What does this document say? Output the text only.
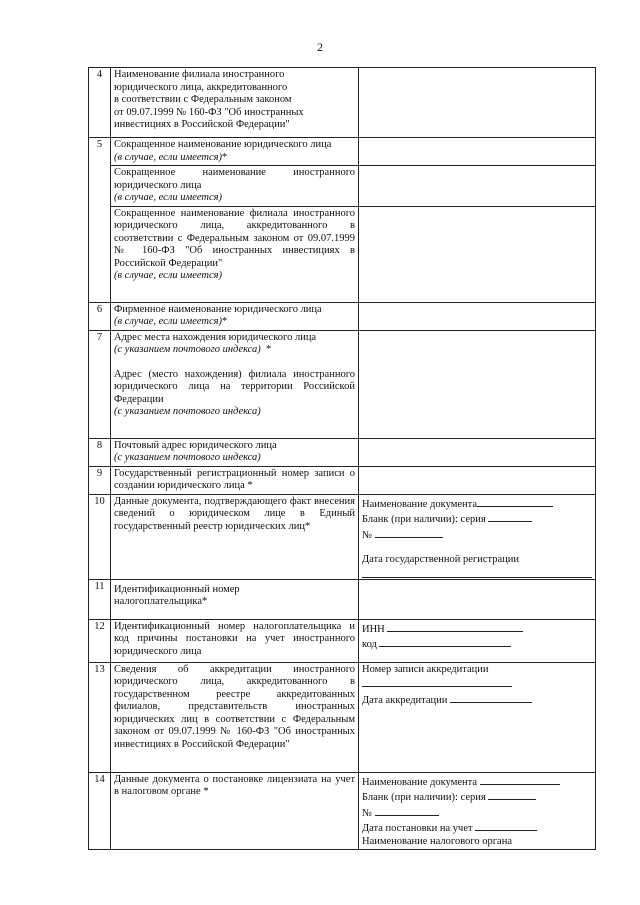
2
4	Наименование филиала иностранного
юридического лица, аккредитованного
в соответствии с Федеральным законом
от 09.07.1999 № 160-ФЗ "Об иностранных
инвестициях в Российской Федерации"	

5	Сокращенное наименование юридического лица
(в случае, если имеется)*	
	Сокращенное наименование иностранного юридического лица
(в случае, если имеется)	
	Сокращенное наименование филиала иностранного юридического лица, аккредитованного в соответствии с Федеральным законом от 09.07.1999 № 160-ФЗ "Об иностранных инвестициях в Российской Федерации"
(в случае, если имеется)	
6	Фирменное наименование юридического лица
(в случае, если имеется)*	
7	Адрес места нахождения юридического лица
(с указанием почтового индекса) *
Адрес (место нахождения) филиала иностранного юридического лица на территории Российской Федерации
(с указанием почтового индекса)	
8	Почтовый адрес юридического лица
(с указанием почтового индекса)	
9	Государственный регистрационный номер записи о создании юридического лица *	
10	Данные документа, подтверждающего факт внесения сведений о юридическом лице в Единый государственный реестр юридических лиц*	Наименование документа
Бланк (при наличии): серия
№
Дата государственной регистрации

11	Идентификационный номер налогоплательщика*	
12	Идентификационный номер налогоплательщика и код причины постановки на учет иностранного юридического лица	ИНН
код

13	Сведения об аккредитации иностранного юридического лица, аккредитованного в государственном реестре аккредитованных филиалов, представительств иностранных юридических лиц в соответствии с Федеральным законом от 09.07.1999 № 160-ФЗ "Об иностранных инвестициях в Российской Федерации"	Номер записи аккредитации
Дата аккредитации

14	Данные документа о постановке лицензиата на учет в налоговом органе *	Наименование документа
Бланк (при наличии): серия
№
Дата постановки на учет
Наименование налогового органа
